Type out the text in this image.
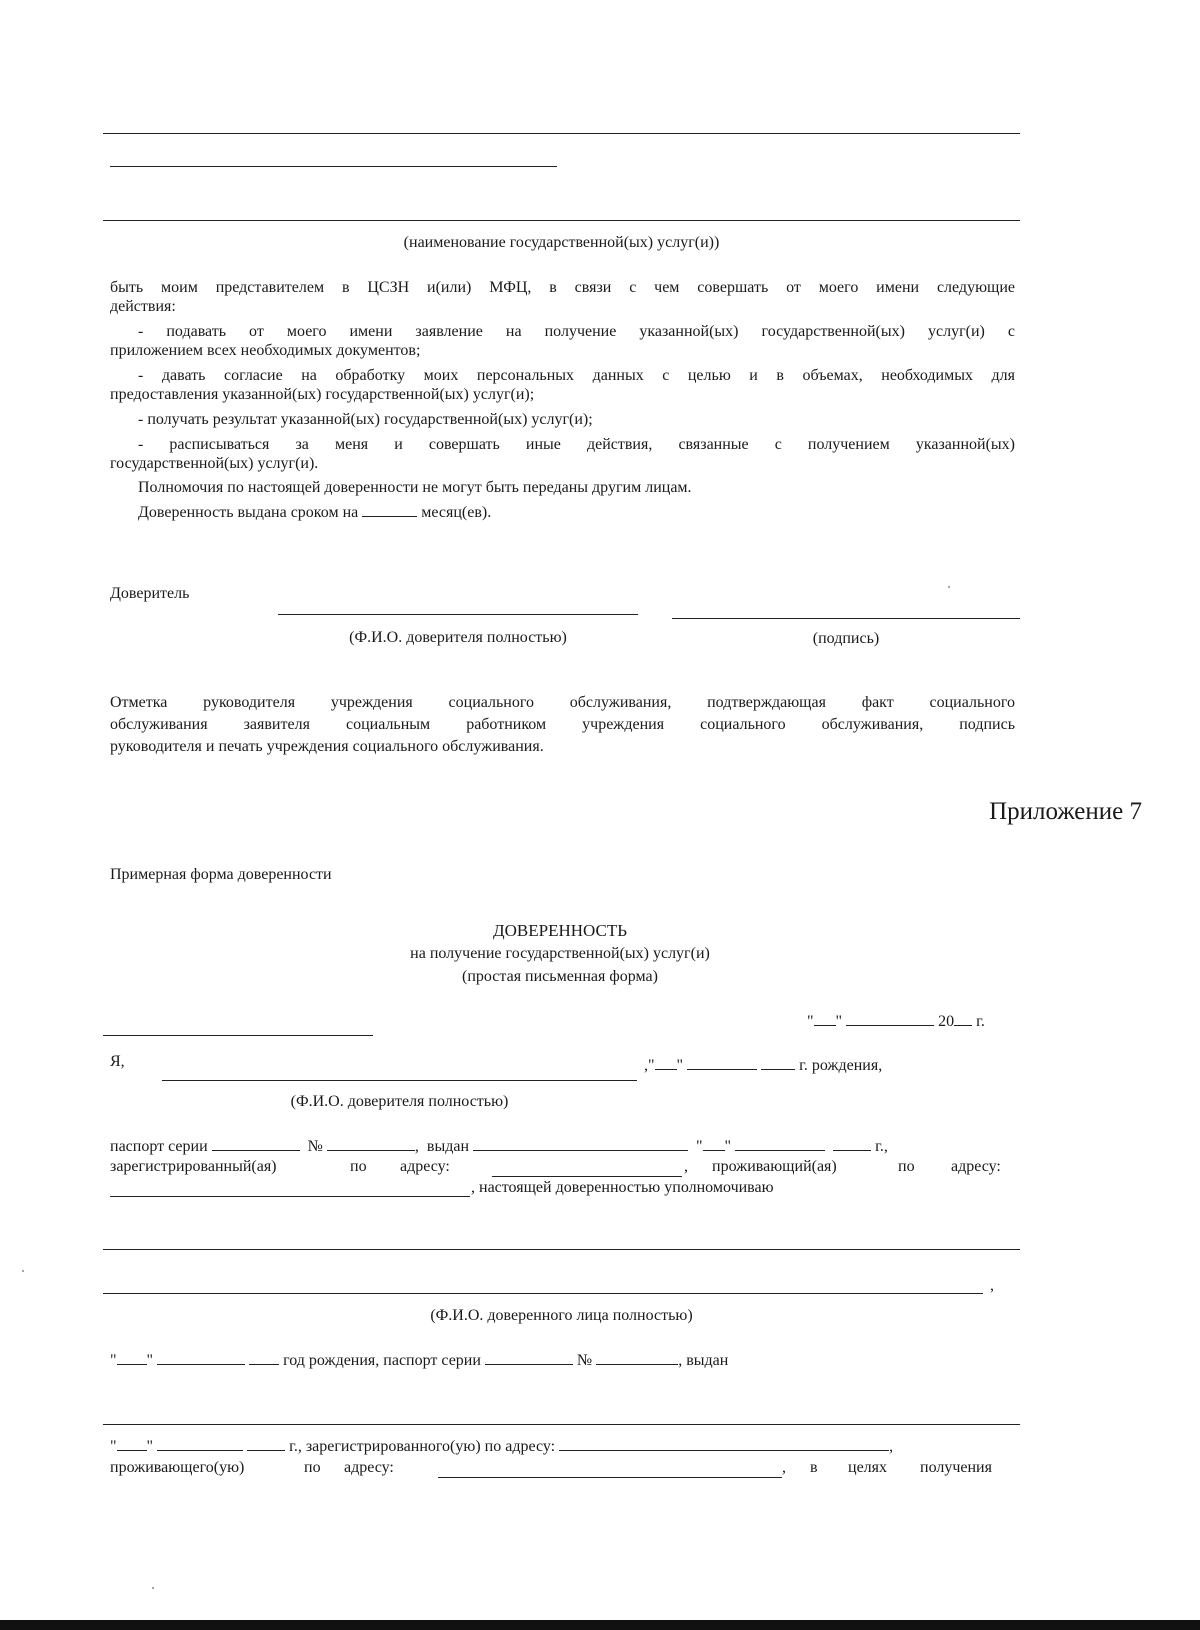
(наименование государственной(ых) услуг(и))
быть моим представителем в ЦСЗН и(или) МФЦ, в связи с чем совершать от моего имени следующие
действия:
- подавать от моего имени заявление на получение указанной(ых) государственной(ых) услуг(и) с
приложением всех необходимых документов;
- давать согласие на обработку моих персональных данных с целью и в объемах, необходимых для
предоставления указанной(ых) государственной(ых) услуг(и);
- получать результат указанной(ых) государственной(ых) услуг(и);
- расписываться за меня и совершать иные действия, связанные с получением указанной(ых)
государственной(ых) услуг(и).
Полномочия по настоящей доверенности не могут быть переданы другим лицам.
Доверенность выдана сроком на	месяц(ев).
Доверитель
(Ф.И.О. доверителя полностью)	(подпись)
Отметка руководителя учреждения социального обслуживания, подтверждающая факт социального
обслуживания заявителя социальным работником учреждения социального обслуживания, подпись
руководителя и печать учреждения социального обслуживания.
Приложение 7
Примерная форма доверенности
ДОВЕРЕННОСТЬ
на получение государственной(ых) услуг(и)
(простая письменная форма)
" "	20 г.
Я,	," "	г. рождения,
(Ф.И.О. доверителя полностью)
паспорт серии	№	, выдан	" "	г.,
зарегистрированный(ая)	по адресу:	, проживающий(ая)	по адресу:
, настоящей доверенностью уполномочиваю
,
(Ф.И.О. доверенного лица полностью)
" "	год рождения, паспорт серии	№	, выдан
" "	г., зарегистрированного(ую) по адресу:	,
проживающего(ую)	по адресу:	, в целях получения
